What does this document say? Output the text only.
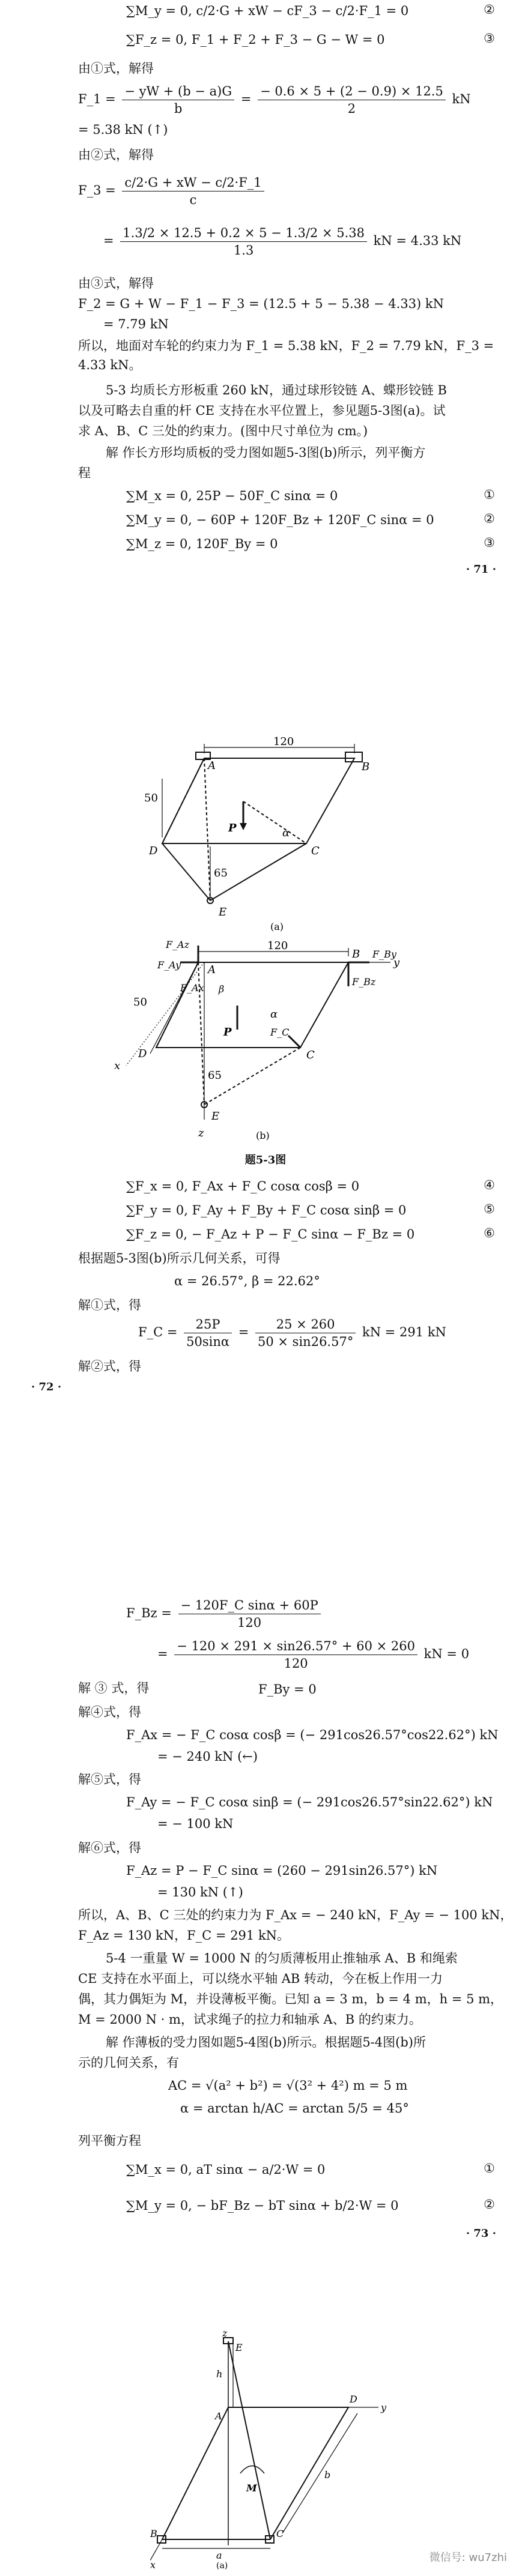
∑M_y = 0, c/2·G + xW − cF_3 − c/2·F_1 = 0	②
∑F_z = 0, F_1 + F_2 + F_3 − G − W = 0	③
由①式，解得
F_1 = $\frac{- yW + (b - a)G}{b} = \frac{- 0.6 \times 5 + (2 - 0.9) \times 12.5}{2}$ kN
= 5.38 kN (↑)
由②式，解得
F_3 = $\frac{c/2\cdot G + xW - c/2\cdot F\_1}{c}$
= $\frac{1.3/2 \times 12.5 + 0.2 \times 5 - 1.3/2 \times 5.38}{1.3}$ kN = 4.33 kN
由③式，解得
F_2 = G + W − F_1 − F_3 = (12.5 + 5 − 5.38 − 4.33) kN
= 7.79 kN
所以，地面对车轮的约束力为 F_1 = 5.38 kN，F_2 = 7.79 kN，F_3 =
4.33 kN。
5-3 均质长方形板重 260 kN，通过球形铰链 A、蝶形铰链 B
以及可略去自重的杆 CE 支持在水平位置上，参见题5-3图(a)。试
求 A、B、C 三处的约束力。(图中尺寸单位为 cm。)
解 作长方形均质板的受力图如题5-3图(b)所示，列平衡方
程
∑M_x = 0, 25P − 50F_C sinα = 0	①
∑M_y = 0, − 60P + 120F_Bz + 120F_C sinα = 0	②
∑M_z = 0, 120F_By = 0	③
· 71 ·
120
50
65
A	B
C
D
E
P	α
(a)
120
50
65
F_Az
F_Ay
F_Ax
A
β
B F_By
F_Bz
y
x
D	C
F_C
P
α
E
z	(b)
题5-3图
∑F_x = 0, F_Ax + F_C cosα cosβ = 0	④
∑F_y = 0, F_Ay + F_By + F_C cosα sinβ = 0	⑤
∑F_z = 0, − F_Az + P − F_C sinα − F_Bz = 0	⑥
根据题5-3图(b)所示几何关系，可得
α = 26.57°, β = 22.62°
解①式，得
F_C = $\frac{25P}{50\sin\alpha} = \frac{25 \times 260}{50 \times \sin 26.57^\circ}$ kN = 291 kN
解②式，得
· 72 ·
F_Bz = $\frac{\text{− 120F\_C sinα + 60P}}{120}$
= $\frac{- 120 \times 291 \times \sin 26.57^\circ + 60 \times 260}{120}$ kN = 0
解 ③ 式，得	F_By = 0
解④式，得
F_Ax = − F_C cosα cosβ = (− 291cos26.57°cos22.62°) kN
= − 240 kN (←)
解⑤式，得
F_Ay = − F_C cosα sinβ = (− 291cos26.57°sin22.62°) kN
= − 100 kN
解⑥式，得
F_Az = P − F_C sinα = (260 − 291sin26.57°) kN
= 130 kN (↑)
所以，A、B、C 三处的约束力为 F_Ax = − 240 kN，F_Ay = − 100 kN，
F_Az = 130 kN，F_C = 291 kN。
5-4 一重量 W = 1000 N 的匀质薄板用止推轴承 A、B 和绳索
CE 支持在水平面上，可以绕水平轴 AB 转动，今在板上作用一力
偶，其力偶矩为 M，并设薄板平衡。已知 a = 3 m，b = 4 m，h = 5 m，
M = 2000 N · m，试求绳子的拉力和轴承 A、B 的约束力。
解 作薄板的受力图如题5-4图(b)所示。根据题5-4图(b)所
示的几何关系，有
AC = √(a² + b²) = √(3² + 4²) m = 5 m
α = arctan h/AC = arctan 5/5 = 45°
列平衡方程
∑M_x = 0, aT sinα − a/2·W = 0	①
∑M_y = 0, − bF_Bz − bT sinα + b/2·W = 0	②
· 73 ·
z
E
h
D
y
M
A
B	C
b
a
x	(a)
微信号: wu7zhi
